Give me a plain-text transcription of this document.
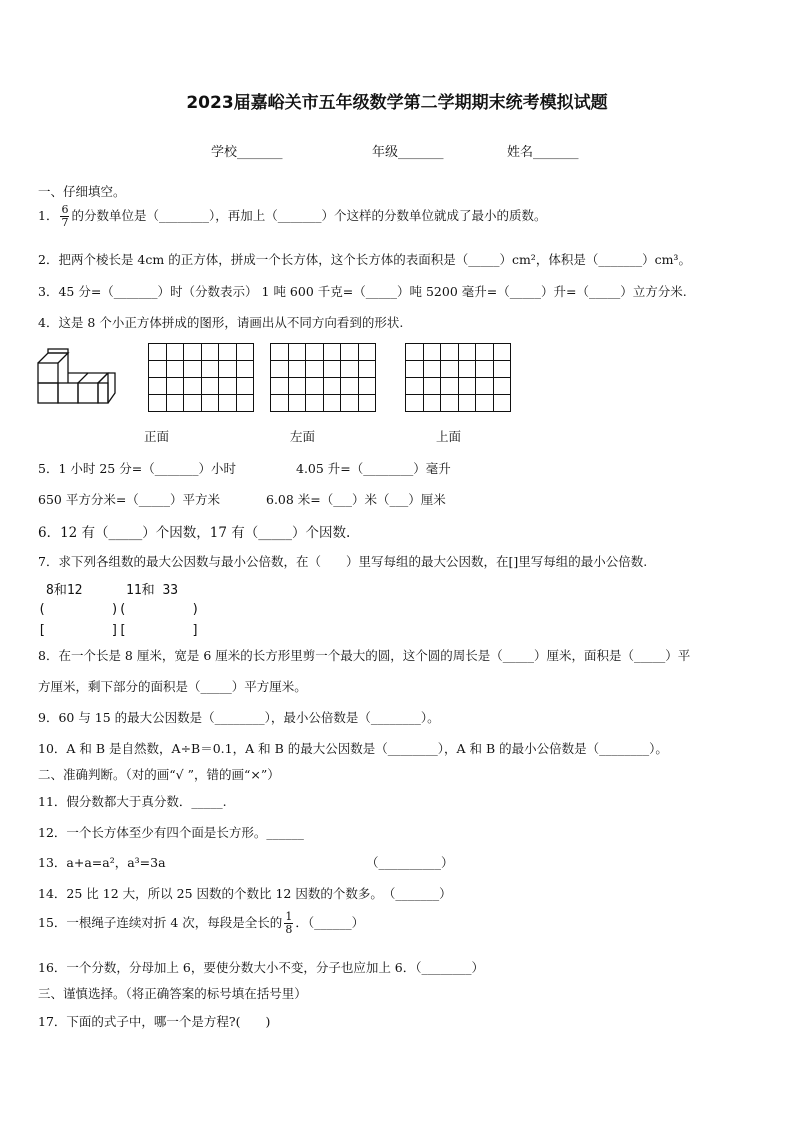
2023届嘉峪关市五年级数学第二学期期末统考模拟试题
学校_______	年级_______	姓名_______
一、仔细填空。
1． $\frac{6}{7}$ 的分数单位是（________），再加上（_______）个这样的分数单位就成了最小的质数。
2．把两个棱长是 4cm 的正方体，拼成一个长方体，这个长方体的表面积是（_____）cm²，体积是（_______）cm³。
3．45 分=（_______）时（分数表示） 1 吨 600 千克=（_____）吨 5200 毫升=（_____）升=（_____）立方分米.
4．这是 8 个小正方体拼成的图形，请画出从不同方向看到的形状.
正面	左面	上面
5．1 小时 25 分=（_______）小时	4.05 升=（________）毫升
650 平方分米=（_____）平方米	6.08 米=（___）米（___）厘米
6．12 有（_____）个因数，17 有（_____）个因数.
7．求下列各组数的最大公因数与最小公倍数，在（　　）里写每组的最大公因数，在[]里写每组的最小公倍数.
8和12	11和 33
(　　　　　)(　　　　　)
[　　　　　][　　　　　]
8．在一个长是 8 厘米，宽是 6 厘米的长方形里剪一个最大的圆，这个圆的周长是（_____）厘米，面积是（_____）平
方厘米，剩下部分的面积是（_____）平方厘米。
9．60 与 15 的最大公因数是（________），最小公倍数是（________）。
10．A 和 B 是自然数，A÷B＝0.1，A 和 B 的最大公因数是（________），A 和 B 的最小公倍数是（________）。
二、准确判断。（对的画“√ ”，错的画“×”）
11．假分数都大于真分数．_____.
12．一个长方体至少有四个面是长方形。______
13．a+a=a²，a³=3a	（__________）
14．25 比 12 大，所以 25 因数的个数比 12 因数的个数多。　（_______）
15．一根绳子连续对折 4 次，每段是全长的 $\frac{1}{8}$ ．（______）
16．一个分数，分母加上 6，要使分数大小不变，分子也应加上 6．（________）
三、谨慎选择。（将正确答案的标号填在括号里）
17．下面的式子中，哪一个是方程?(　　)
